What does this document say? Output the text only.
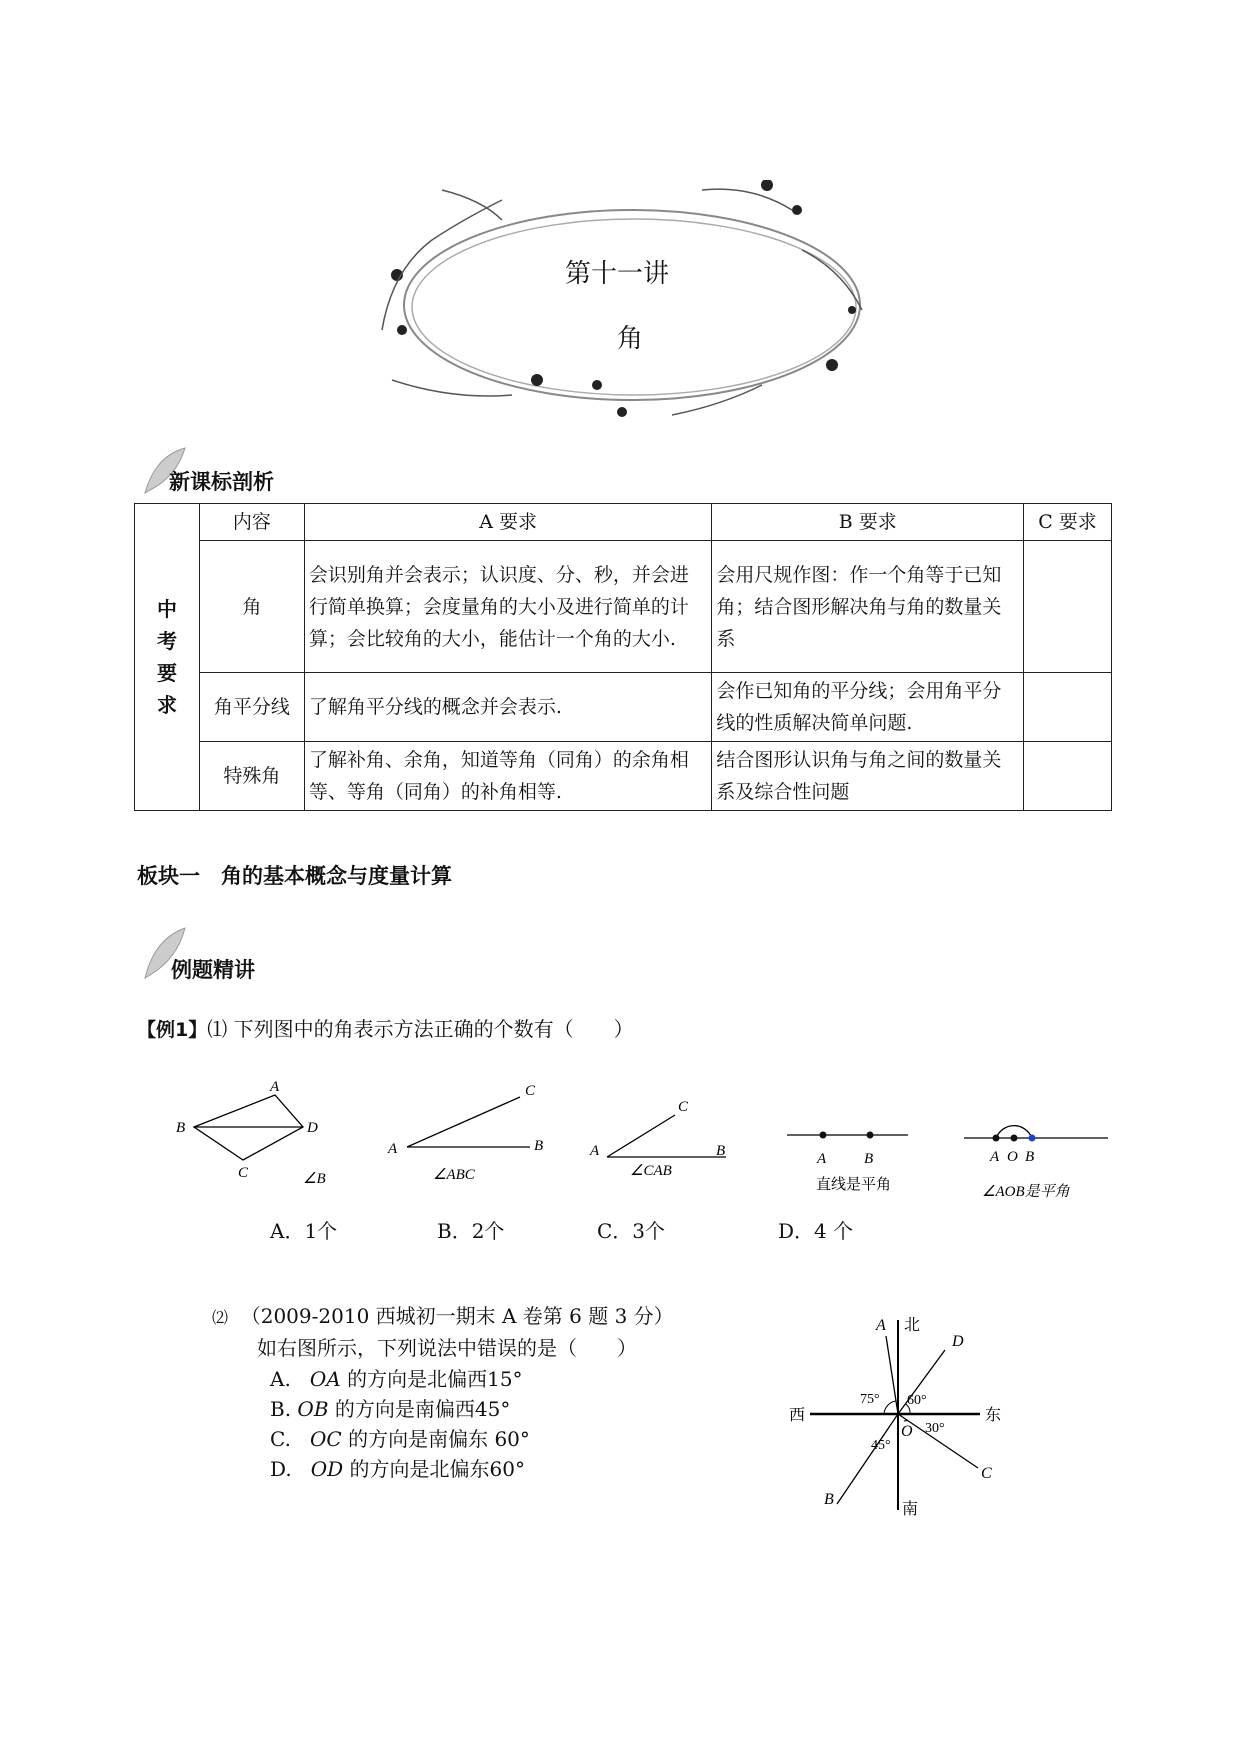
第十一讲
角
新课标剖析
中
考
要
求	内容	A 要求	B 要求	C 要求
	角	会识别角并会表示；认识度、分、秒，并会进行简单换算；会度量角的大小及进行简单的计算；会比较角的大小，能估计一个角的大小.	会用尺规作图：作一个角等于已知角；结合图形解决角与角的数量关系	
	角平分线	了解角平分线的概念并会表示.	会作已知角的平分线；会用角平分线的性质解决简单问题.	
	特殊角	了解补角、余角，知道等角（同角）的余角相等、等角（同角）的补角相等.	结合图形认识角与角之间的数量关系及综合性问题	
板块一　角的基本概念与度量计算
例题精讲
【例1】⑴ 下列图中的角表示方法正确的个数有（　　）
A
B	D
C	∠B
C
A	B
∠ABC
C
A	B
∠CAB
A	B
直线是平角
A O B
∠AOB是平角
A．1个	B．2个	C．3个	D．4 个
⑵ （2009-2010 西城初一期末 A 卷第 6 题 3 分）
如右图所示，下列说法中错误的是（　　）
A. OA 的方向是北偏西15°
B. OB 的方向是南偏西45°
C. OC 的方向是南偏东 60°
D. OD 的方向是北偏东60°
北
南
西	东
O
A
B
C
D
75° 60°
30°
45°
